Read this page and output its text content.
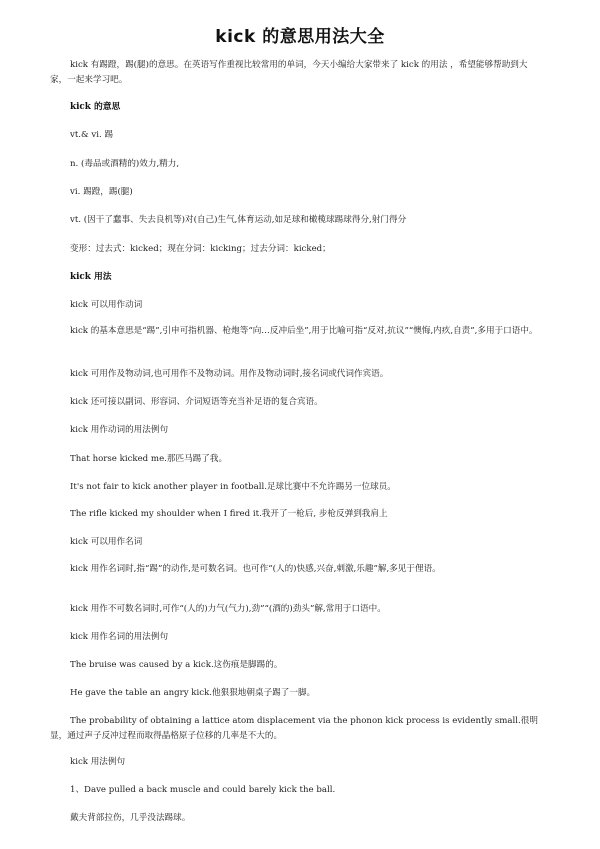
kick 的意思用法大全

kick 有踢蹬，踢(腿)的意思。在英语写作重视比较常用的单词，今天小编给大家带来了 kick 的用法 ，希望能够帮助到大家，一起来学习吧。

kick 的意思

vt.& vi. 踢

n. (毒品或酒精的)效力,精力,

vi. 踢蹬，踢(腿)

vt. (因干了蠢事、失去良机等)对(自己)生气,体育运动,如足球和橄榄球踢球得分,射门得分

变形：过去式：kicked；现在分词：kicking；过去分词：kicked；

kick 用法

kick 可以用作动词

kick 的基本意思是“踢”,引申可指机器、枪炮等“向…反冲后坐”,用于比喻可指“反对,抗议”“懊悔,内疚,自责”,多用于口语中。

kick 可用作及物动词,也可用作不及物动词。用作及物动词时,接名词或代词作宾语。

kick 还可接以副词、形容词、介词短语等充当补足语的复合宾语。

kick 用作动词的用法例句

That horse kicked me.那匹马踢了我。

It's not fair to kick another player in football.足球比赛中不允许踢另一位球员。

The rifle kicked my shoulder when I fired it.我开了一枪后, 步枪反弹到我肩上

kick 可以用作名词

kick 用作名词时,指“踢”的动作,是可数名词。也可作“(人的)快感,兴奋,刺激,乐趣”解,多见于俚语。

kick 用作不可数名词时,可作“(人的)力气(气力),劲”“(酒的)劲头”解,常用于口语中。

kick 用作名词的用法例句

The bruise was caused by a kick.这伤痕是脚踢的。

He gave the table an angry kick.他狠狠地朝桌子踢了一脚。

The probability of obtaining a lattice atom displacement via the phonon kick process is evidently small.很明显，通过声子反冲过程而取得晶格原子位移的几率是不大的。

kick 用法例句

1、Dave pulled a back muscle and could barely kick the ball.

戴夫背部拉伤，几乎没法踢球。
